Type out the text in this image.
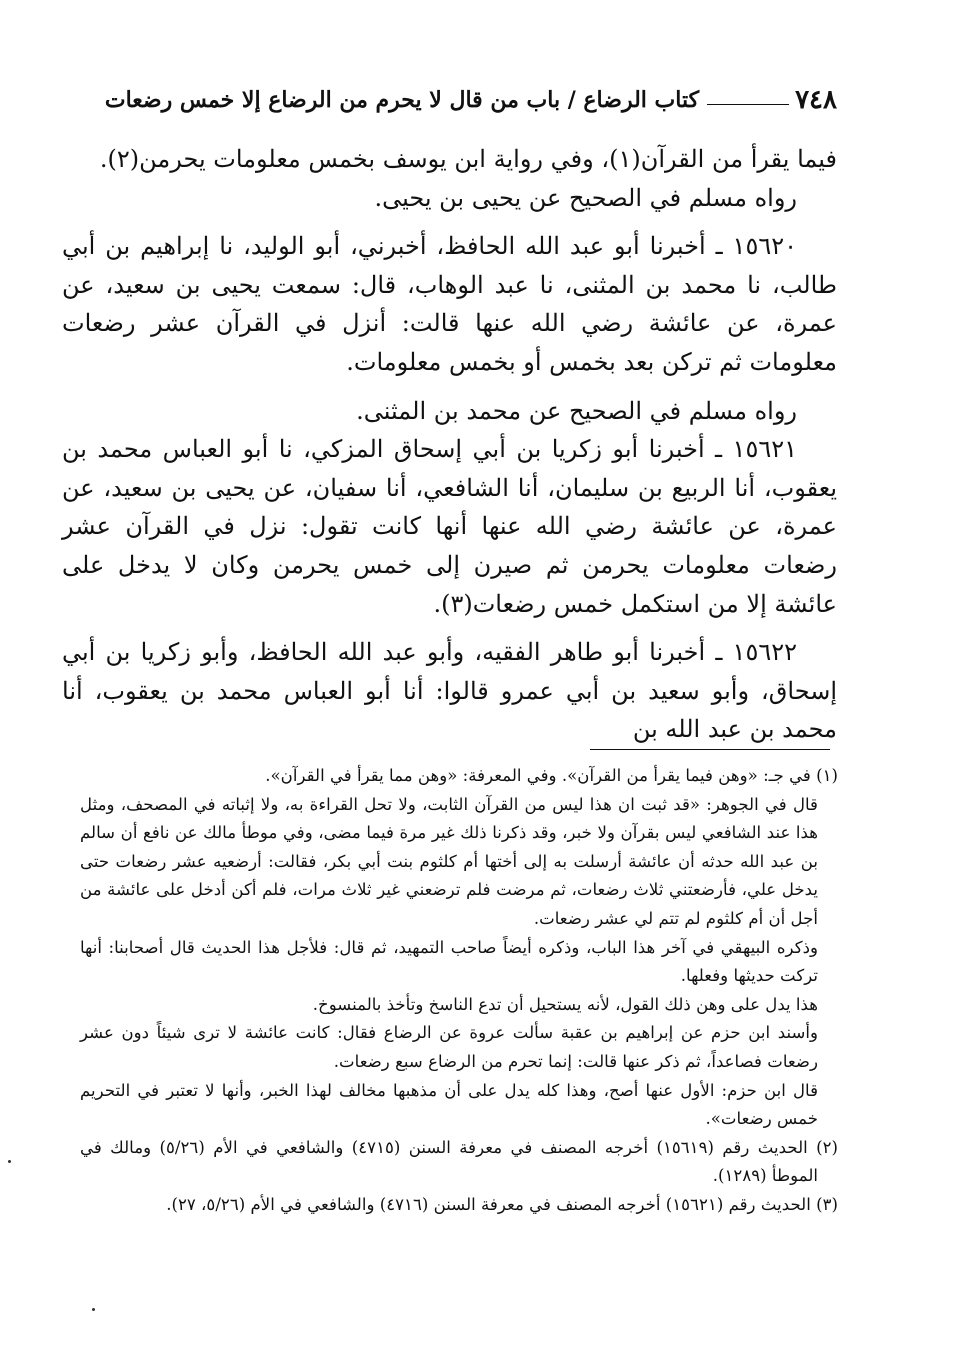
٧٤٨
كتاب الرضاع / باب من قال لا يحرم من الرضاع إلا خمس رضعات

فيما يقرأ من القرآن(١)، وفي رواية ابن يوسف بخمس معلومات يحرمن(٢).

رواه مسلم في الصحيح عن يحيى بن يحيى.

١٥٦٢٠ ـ أخبرنا أبو عبد الله الحافظ، أخبرني، أبو الوليد، نا إبراهيم بن أبي طالب، نا محمد بن المثنى، نا عبد الوهاب، قال: سمعت يحيى بن سعيد، عن عمرة، عن عائشة رضي الله عنها قالت: أنزل في القرآن عشر رضعات معلومات ثم تركن بعد بخمس أو بخمس معلومات.

رواه مسلم في الصحيح عن محمد بن المثنى.

١٥٦٢١ ـ أخبرنا أبو زكريا بن أبي إسحاق المزكي، نا أبو العباس محمد بن يعقوب، أنا الربيع بن سليمان، أنا الشافعي، أنا سفيان، عن يحيى بن سعيد، عن عمرة، عن عائشة رضي الله عنها أنها كانت تقول: نزل في القرآن عشر رضعات معلومات يحرمن ثم صيرن إلى خمس يحرمن وكان لا يدخل على عائشة إلا من استكمل خمس رضعات(٣).

١٥٦٢٢ ـ أخبرنا أبو طاهر الفقيه، وأبو عبد الله الحافظ، وأبو زكريا بن أبي إسحاق، وأبو سعيد بن أبي عمرو قالوا: أنا أبو العباس محمد بن يعقوب، أنا محمد بن عبد الله بن

(١) في جـ: «وهن فيما يقرأ من القرآن». وفي المعرفة: «وهن مما يقرأ في القرآن».

قال في الجوهر: «قد ثبت ان هذا ليس من القرآن الثابت، ولا تحل القراءة به، ولا إثباته في المصحف، ومثل هذا عند الشافعي ليس بقرآن ولا خبر، وقد ذكرنا ذلك غير مرة فيما مضى، وفي موطأ مالك عن نافع أن سالم بن عبد الله حدثه أن عائشة أرسلت به إلى أختها أم كلثوم بنت أبي بكر، فقالت: أرضعيه عشر رضعات حتى يدخل علي، فأرضعتني ثلاث رضعات، ثم مرضت فلم ترضعني غير ثلاث مرات، فلم أكن أدخل على عائشة من أجل أن أم كلثوم لم تتم لي عشر رضعات.

وذكره البيهقي في آخر هذا الباب، وذكره أيضاً صاحب التمهيد، ثم قال: فلأجل هذا الحديث قال أصحابنا: أنها تركت حديثها وفعلها.

هذا يدل على وهن ذلك القول، لأنه يستحيل أن تدع الناسخ وتأخذ بالمنسوخ.

وأسند ابن حزم عن إبراهيم بن عقبة سألت عروة عن الرضاع فقال: كانت عائشة لا ترى شيئاً دون عشر رضعات فصاعداً، ثم ذكر عنها قالت: إنما تحرم من الرضاع سبع رضعات.

قال ابن حزم: الأول عنها أصح، وهذا كله يدل على أن مذهبها مخالف لهذا الخبر، وأنها لا تعتبر في التحريم خمس رضعات».

(٢) الحديث رقم (١٥٦١٩) أخرجه المصنف في معرفة السنن (٤٧١٥) والشافعي في الأم (٥/٢٦) ومالك في الموطأ (١٢٨٩).

(٣) الحديث رقم (١٥٦٢١) أخرجه المصنف في معرفة السنن (٤٧١٦) والشافعي في الأم (٥/٢٦، ٢٧).
